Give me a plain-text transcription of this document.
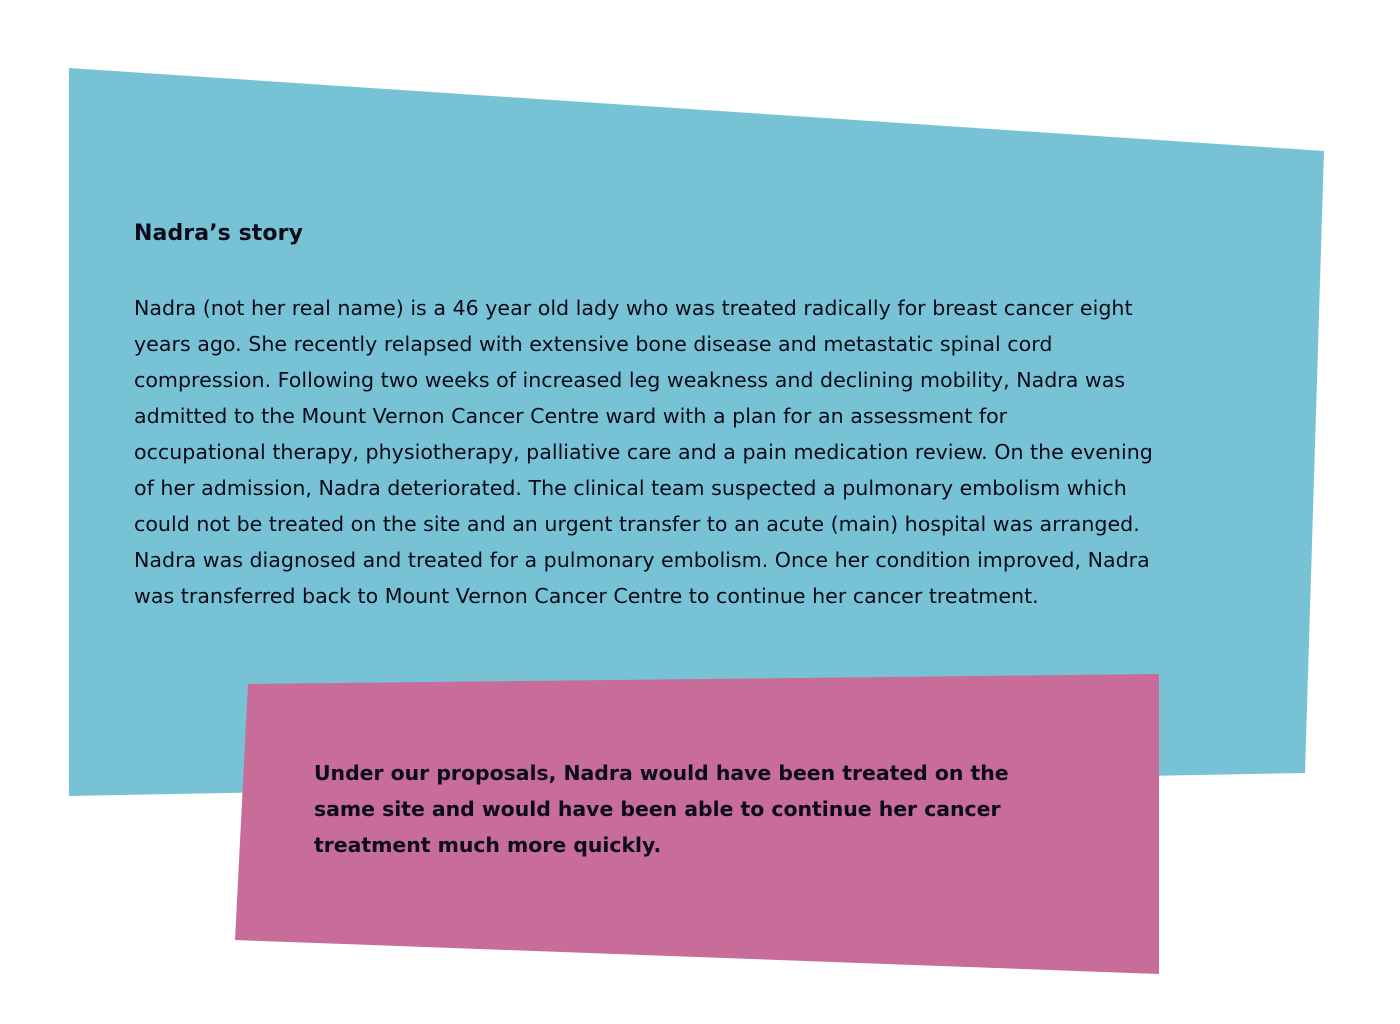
Nadra’s story

Nadra (not her real name) is a 46 year old lady who was treated radically for breast cancer eight
years ago. She recently relapsed with extensive bone disease and metastatic spinal cord
compression. Following two weeks of increased leg weakness and declining mobility, Nadra was
admitted to the Mount Vernon Cancer Centre ward with a plan for an assessment for
occupational therapy, physiotherapy, palliative care and a pain medication review. On the evening
of her admission, Nadra deteriorated. The clinical team suspected a pulmonary embolism which
could not be treated on the site and an urgent transfer to an acute (main) hospital was arranged.
Nadra was diagnosed and treated for a pulmonary embolism. Once her condition improved, Nadra
was transferred back to Mount Vernon Cancer Centre to continue her cancer treatment.

Under our proposals, Nadra would have been treated on the
same site and would have been able to continue her cancer
treatment much more quickly.
